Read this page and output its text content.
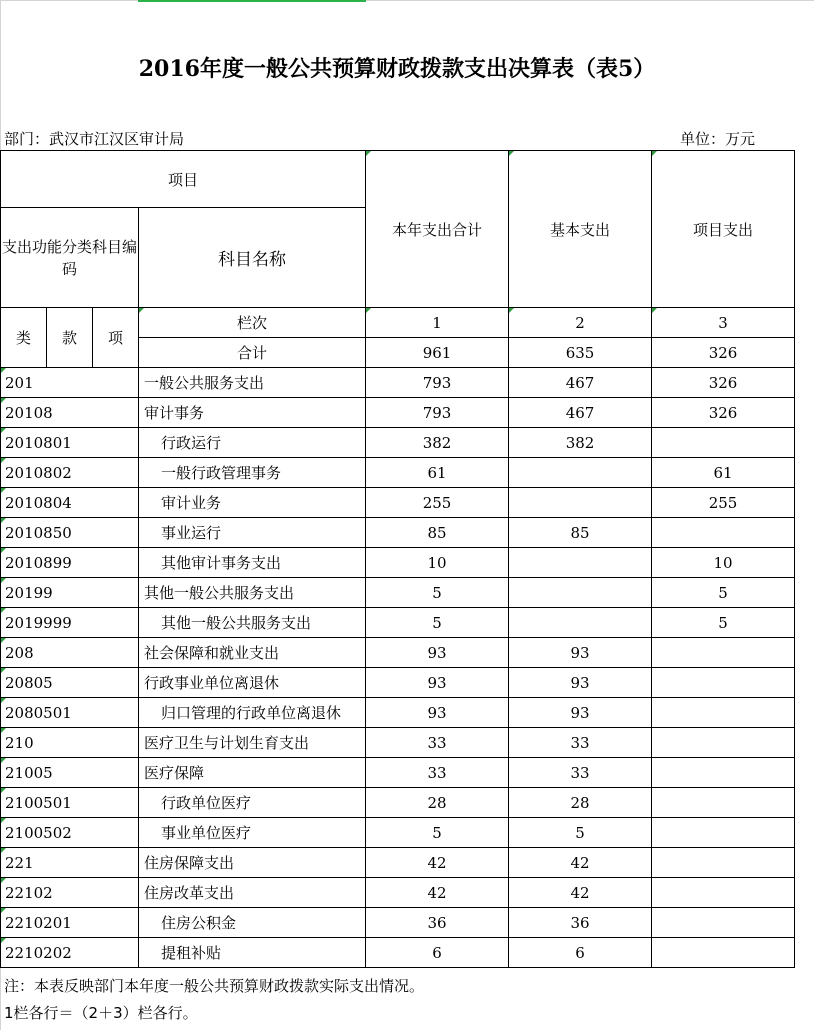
2016年度一般公共预算财政拨款支出决算表（表5）
部门：武汉市江汉区审计局	单位：万元
项目				本年支出合计	基本支出	项目支出
支出功能分类科目编码			科目名称			
类	款	项	栏次	1	2	3
			合计	961	635	326
201			一般公共服务支出	793	467	326
20108			审计事务	793	467	326
2010801			行政运行	382	382	
2010802			一般行政管理事务	61		61
2010804			审计业务	255		255
2010850			事业运行	85	85	
2010899			其他审计事务支出	10		10
20199			其他一般公共服务支出	5		5
2019999			其他一般公共服务支出	5		5
208			社会保障和就业支出	93	93	
20805			行政事业单位离退休	93	93	
2080501			归口管理的行政单位离退休	93	93	
210			医疗卫生与计划生育支出	33	33	
21005			医疗保障	33	33	
2100501			行政单位医疗	28	28	
2100502			事业单位医疗	5	5	
221			住房保障支出	42	42	
22102			住房改革支出	42	42	
2210201			住房公积金	36	36	
2210202			提租补贴	6	6	
注：本表反映部门本年度一般公共预算财政拨款实际支出情况。
1栏各行＝（2＋3）栏各行。
